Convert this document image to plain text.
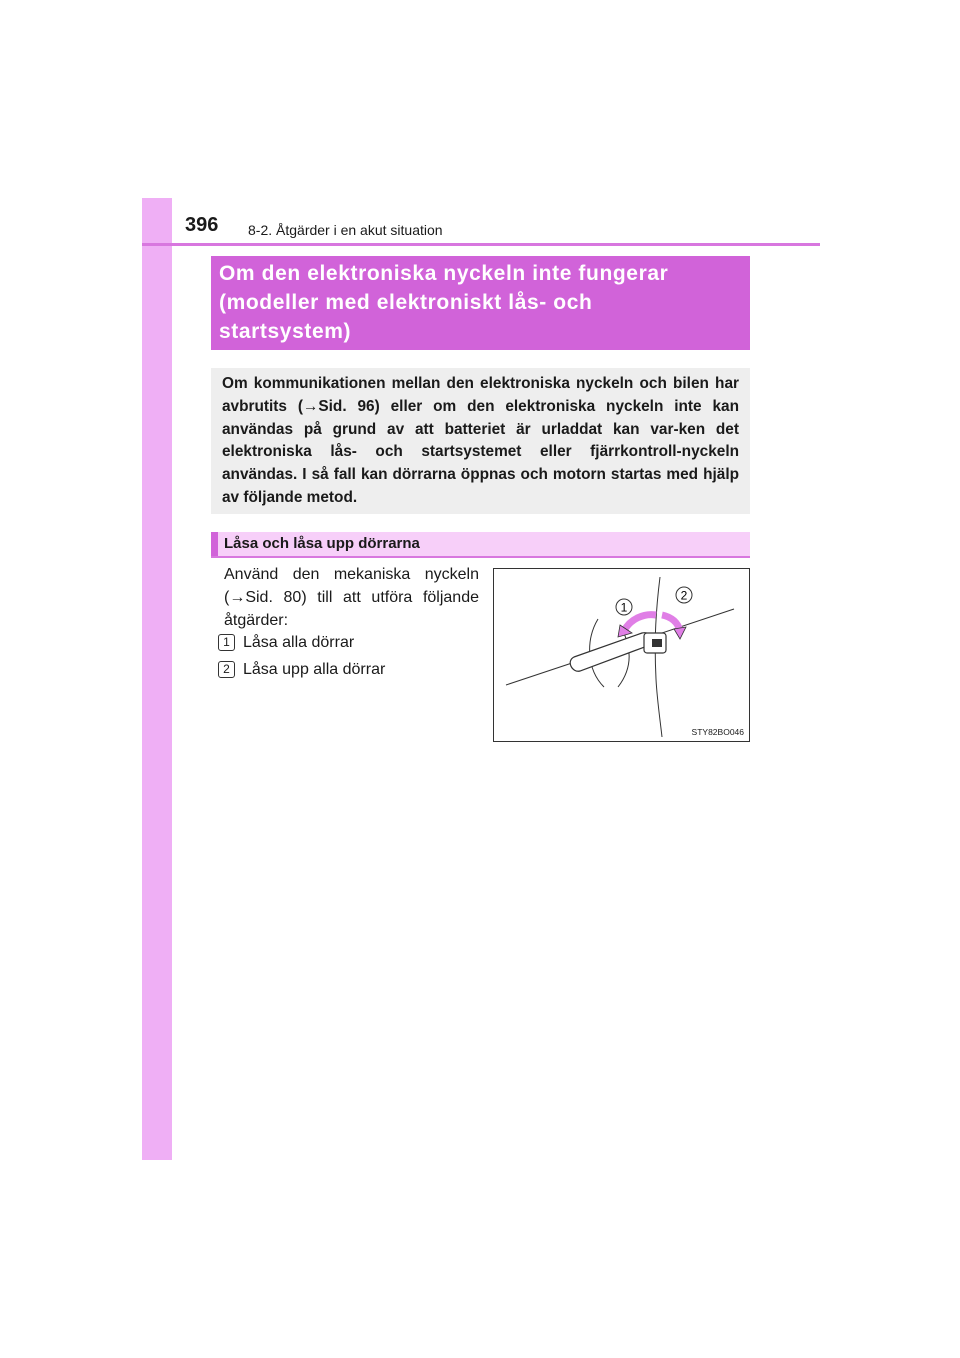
396 8-2. Åtgärder i en akut situation
Om den elektroniska nyckeln inte fungerar
(modeller med elektroniskt lås- och
startsystem)
Om kommunikationen mellan den elektroniska nyckeln och bilen har avbrutits (→Sid. 96) eller om den elektroniska nyckeln inte kan användas på grund av att batteriet är urladdat kan var-ken det elektroniska lås- och startsystemet eller fjärrkontroll-nyckeln användas. I så fall kan dörrarna öppnas och motorn startas med hjälp av följande metod.
Låsa och låsa upp dörrarna
Använd den mekaniska nyckeln (→Sid. 80) till att utföra följande åtgärder:
1 Låsa alla dörrar
2 Låsa upp alla dörrar
1
2
STY82BO046
